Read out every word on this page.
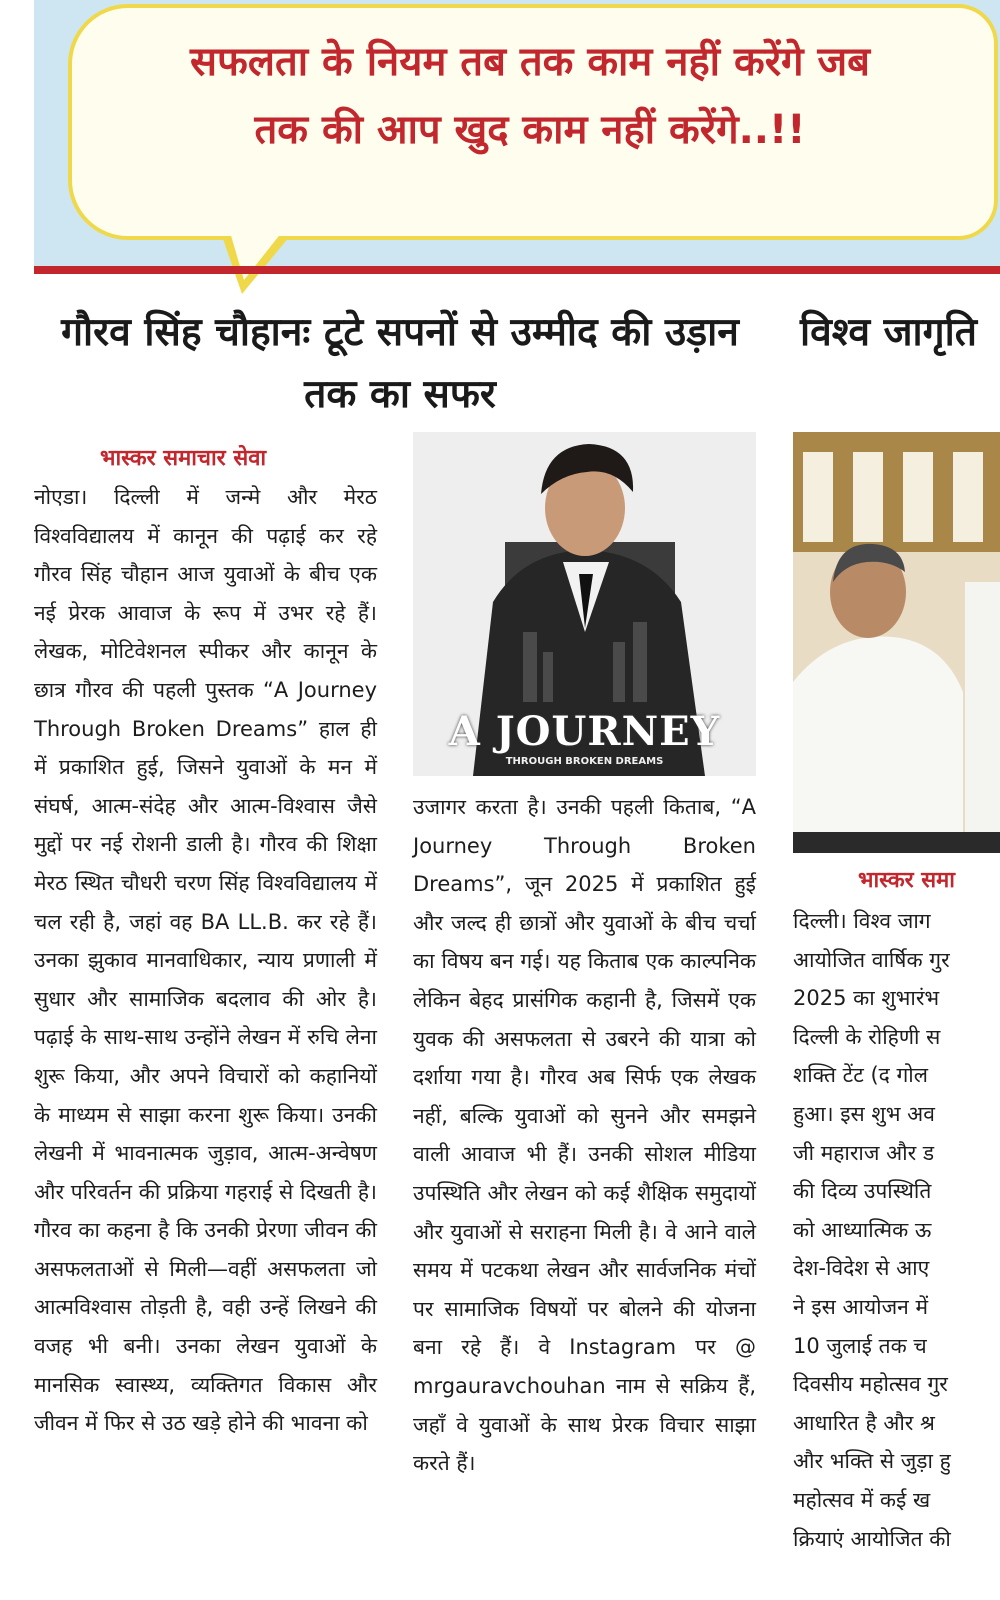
सफलता के नियम तब तक काम नहीं करेंगे जब
तक की आप खुद काम नहीं करेंगे..!!

गौरव सिंह चौहानः टूटे सपनों से उम्मीद की उड़ान
तक का सफर
विश्व जागृति

भास्कर समाचार सेवा

नोएडा। दिल्ली में जन्मे और मेरठ विश्वविद्यालय में कानून की पढ़ाई कर रहे गौरव सिंह चौहान आज युवाओं के बीच एक नई प्रेरक आवाज के रूप में उभर रहे हैं। लेखक, मोटिवेशनल स्पीकर और कानून के छात्र गौरव की पहली पुस्तक “A Journey Through Broken Dreams” हाल ही में प्रकाशित हुई, जिसने युवाओं के मन में संघर्ष, आत्म-संदेह और आत्म-विश्वास जैसे मुद्दों पर नई रोशनी डाली है। गौरव की शिक्षा मेरठ स्थित चौधरी चरण सिंह विश्वविद्यालय में चल रही है, जहां वह BA LL.B. कर रहे हैं। उनका झुकाव मानवाधिकार, न्याय प्रणाली में सुधार और सामाजिक बदलाव की ओर है। पढ़ाई के साथ-साथ उन्होंने लेखन में रुचि लेना शुरू किया, और अपने विचारों को कहानियों के माध्यम से साझा करना शुरू किया। उनकी लेखनी में भावनात्मक जुड़ाव, आत्म-अन्वेषण और परिवर्तन की प्रक्रिया गहराई से दिखती है। गौरव का कहना है कि उनकी प्रेरणा जीवन की असफलताओं से मिली—वहीं असफलता जो आत्मविश्वास तोड़ती है, वही उन्हें लिखने की वजह भी बनी। उनका लेखन युवाओं के मानसिक स्वास्थ्य, व्यक्तिगत विकास और जीवन में फिर से उठ खड़े होने की भावना को

A JOURNEY

THROUGH BROKEN DREAMS

उजागर करता है। उनकी पहली किताब, “A Journey Through Broken Dreams”, जून 2025 में प्रकाशित हुई और जल्द ही छात्रों और युवाओं के बीच चर्चा का विषय बन गई। यह किताब एक काल्पनिक लेकिन बेहद प्रासंगिक कहानी है, जिसमें एक युवक की असफलता से उबरने की यात्रा को दर्शाया गया है। गौरव अब सिर्फ एक लेखक नहीं, बल्कि युवाओं को सुनने और समझने वाली आवाज भी हैं। उनकी सोशल मीडिया उपस्थिति और लेखन को कई शैक्षिक समुदायों और युवाओं से सराहना मिली है। वे आने वाले समय में पटकथा लेखन और सार्वजनिक मंचों पर सामाजिक विषयों पर बोलने की योजना बना रहे हैं। वे Instagram पर @ mrgauravchouhan नाम से सक्रिय हैं, जहाँ वे युवाओं के साथ प्रेरक विचार साझा करते हैं।

भास्कर समा

दिल्ली। विश्व जाग
आयोजित वार्षिक गुर
2025 का शुभारंभ
दिल्ली के रोहिणी स
शक्ति टेंट (द गोल
हुआ। इस शुभ अव
जी महाराज और ड
की दिव्य उपस्थिति
को आध्यात्मिक ऊ
देश-विदेश से आए
ने इस आयोजन में
10 जुलाई तक च
दिवसीय महोत्सव गुर
आधारित है और श्र
और भक्ति से जुड़ा हु
महोत्सव में कई ख
क्रियाएं आयोजित की
